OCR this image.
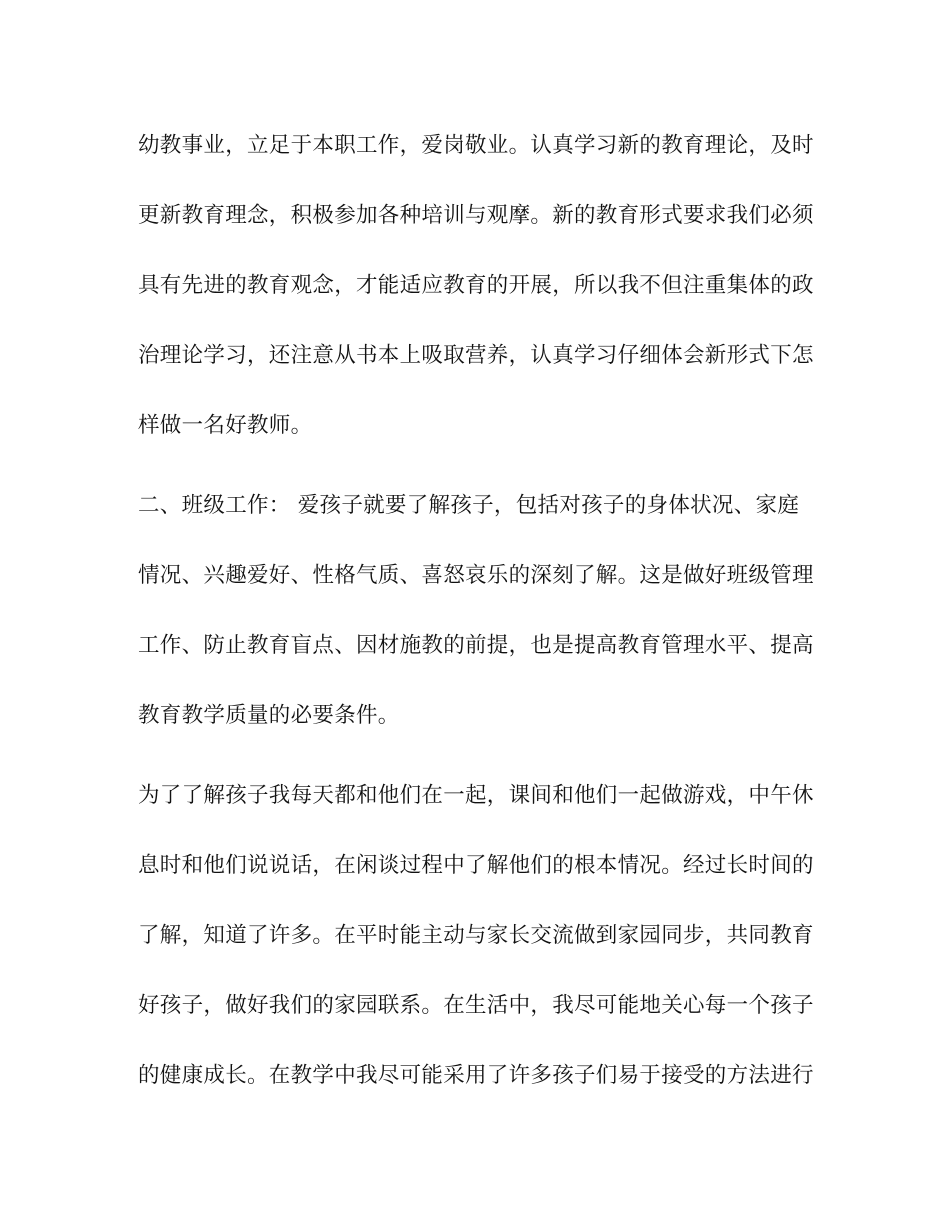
幼教事业，立足于本职工作，爱岗敬业。认真学习新的教育理论，及时
更新教育理念，积极参加各种培训与观摩。新的教育形式要求我们必须
具有先进的教育观念，才能适应教育的开展，所以我不但注重集体的政
治理论学习，还注意从书本上吸取营养，认真学习仔细体会新形式下怎
样做一名好教师。
二、班级工作： 爱孩子就要了解孩子，包括对孩子的身体状况、家庭
情况、兴趣爱好、性格气质、喜怒哀乐的深刻了解。这是做好班级管理
工作、防止教育盲点、因材施教的前提，也是提高教育管理水平、提高
教育教学质量的必要条件。
为了了解孩子我每天都和他们在一起，课间和他们一起做游戏，中午休
息时和他们说说话，在闲谈过程中了解他们的根本情况。经过长时间的
了解，知道了许多。在平时能主动与家长交流做到家园同步，共同教育
好孩子，做好我们的家园联系。在生活中，我尽可能地关心每一个孩子
的健康成长。在教学中我尽可能采用了许多孩子们易于接受的方法进行
